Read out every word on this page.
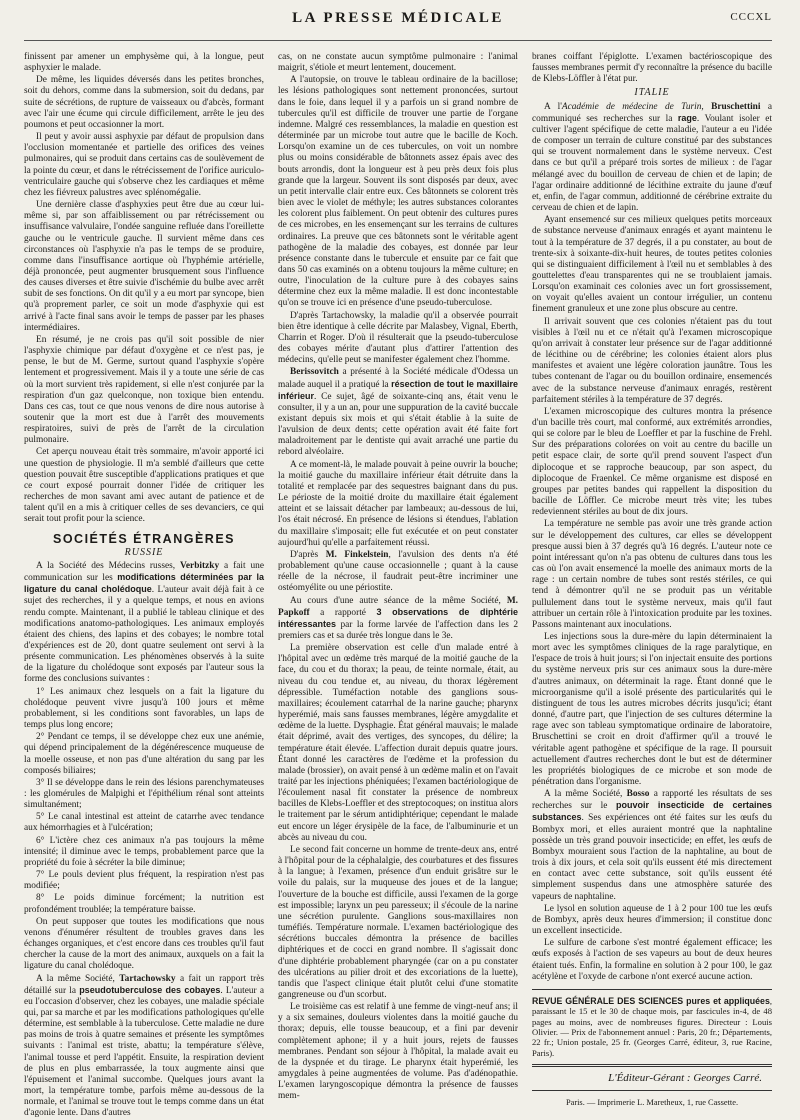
LA PRESSE MÉDICALE	CCCXL

finissent par amener un emphysème qui, à la longue, peut asphyxier le malade.

De même, les liquides déversés dans les petites bronches, soit du dehors, comme dans la submersion, soit du dedans, par suite de sécrétions, de rupture de vaisseaux ou d'abcès, formant avec l'air une écume qui circule difficilement, arrête le jeu des poumons et peut occasionner la mort.

Il peut y avoir aussi asphyxie par défaut de propulsion dans l'occlusion momentanée et partielle des orifices des veines pulmonaires, qui se produit dans certains cas de soulèvement de la pointe du cœur, et dans le rétrécissement de l'orifice auriculo-ventriculaire gauche qui s'observe chez les cardiaques et même chez les fiévreux palustres avec splénomégalie.

Une dernière classe d'asphyxies peut être due au cœur lui-même si, par son affaiblissement ou par rétrécissement ou insuffisance valvulaire, l'ondée sanguine refluée dans l'oreillette gauche ou le ventricule gauche. Il survient même dans ces circonstances où l'asphyxie n'a pas le temps de se produire, comme dans l'insuffisance aortique où l'hyphémie artérielle, déjà prononcée, peut augmenter brusquement sous l'influence des causes diverses et être suivie d'ischémie du bulbe avec arrêt subit de ses fonctions. On dit qu'il y a eu mort par syncope, bien qu'à proprement parler, ce soit un mode d'asphyxie qui est arrivé à l'acte final sans avoir le temps de passer par les phases intermédiaires.

En résumé, je ne crois pas qu'il soit possible de nier l'asphyxie chimique par défaut d'oxygène et ce n'est pas, je pense, le but de M. Germe, surtout quand l'asphyxie s'opère lentement et progressivement. Mais il y a toute une série de cas où la mort survient très rapidement, si elle n'est conjurée par la respiration d'un gaz quelconque, non toxique bien entendu. Dans ces cas, tout ce que nous venons de dire nous autorise à soutenir que la mort est due à l'arrêt des mouvements respiratoires, suivi de près de l'arrêt de la circulation pulmonaire.

Cet aperçu nouveau était très sommaire, m'avoir apporté ici une question de physiologie. Il m'a semblé d'ailleurs que cette question pouvait être susceptible d'applications pratiques et que ce court exposé pourrait donner l'idée de critiquer les recherches de mon savant ami avec autant de patience et de talent qu'il en a mis à critiquer celles de ses devanciers, ce qui serait tout profit pour la science.

SOCIÉTÉS ÉTRANGÈRES
RUSSIE

A la Société des Médecins russes, Verbitzky a fait une communication sur les modifications déterminées par la ligature du canal cholédoque. L'auteur avait déjà fait à ce sujet des recherches, il y a quelque temps, et nous en avions rendu compte. Maintenant, il a publié le tableau clinique et des modifications anatomo-pathologiques. Les animaux employés étaient des chiens, des lapins et des cobayes; le nombre total d'expériences est de 20, dont quatre seulement ont servi à la présente communication. Les phénomènes observés à la suite de la ligature du cholédoque sont exposés par l'auteur sous la forme des conclusions suivantes :

1° Les animaux chez lesquels on a fait la ligature du cholédoque peuvent vivre jusqu'à 100 jours et même probablement, si les conditions sont favorables, un laps de temps plus long encore;

2° Pendant ce temps, il se développe chez eux une anémie, qui dépend principalement de la dégénérescence muqueuse de la moelle osseuse, et non pas d'une altération du sang par les composés biliaires;

3° Il se développe dans le rein des lésions parenchymateuses : les glomérules de Malpighi et l'épithélium rénal sont atteints simultanément;

5° Le canal intestinal est atteint de catarrhe avec tendance aux hémorrhagies et à l'ulcération;

6° L'ictère chez ces animaux n'a pas toujours la même intensité; il diminue avec le temps, probablement parce que la propriété du foie à sécréter la bile diminue;

7° Le pouls devient plus fréquent, la respiration n'est pas modifiée;

8° Le poids diminue forcément; la nutrition est profondément troublée; la température baisse.

On peut supposer que toutes les modifications que nous venons d'énumérer résultent de troubles graves dans les échanges organiques, et c'est encore dans ces troubles qu'il faut chercher la cause de la mort des animaux, auxquels on a fait la ligature du canal cholédoque.

A la même Société, Tartachowsky a fait un rapport très détaillé sur la pseudotuberculose des cobayes. L'auteur a eu l'occasion d'observer, chez les cobayes, une maladie spéciale qui, par sa marche et par les modifications pathologiques qu'elle détermine, est semblable à la tuberculose. Cette maladie ne dure pas moins de trois à quatre semaines et présente les symptômes suivants : l'animal est triste, abattu; la température s'élève, l'animal tousse et perd l'appétit. Ensuite, la respiration devient de plus en plus embarrassée, la toux augmente ainsi que l'épuisement et l'animal succombe. Quelques jours avant la mort, la température tombe, parfois même au-dessous de la normale, et l'animal se trouve tout le temps comme dans un état d'agonie lente. Dans d'autres

cas, on ne constate aucun symptôme pulmonaire : l'animal maigrit, s'étiole et meurt lentement, doucement.

A l'autopsie, on trouve le tableau ordinaire de la bacillose; les lésions pathologiques sont nettement prononcées, surtout dans le foie, dans lequel il y a parfois un si grand nombre de tubercules qu'il est difficile de trouver une partie de l'organe indemne. Malgré ces ressemblances, la maladie en question est déterminée par un microbe tout autre que le bacille de Koch. Lorsqu'on examine un de ces tubercules, on voit un nombre plus ou moins considérable de bâtonnets assez épais avec des bouts arrondis, dont la longueur est à peu près deux fois plus grande que la largeur. Souvent ils sont disposés par deux, avec un petit intervalle clair entre eux. Ces bâtonnets se colorent très bien avec le violet de méthyle; les autres substances colorantes les colorent plus faiblement. On peut obtenir des cultures pures de ces microbes, en les ensemençant sur les terrains de cultures ordinaires. La preuve que ces bâtonnets sont le véritable agent pathogène de la maladie des cobayes, est donnée par leur présence constante dans le tubercule et ensuite par ce fait que dans 50 cas examinés on a obtenu toujours la même culture; en outre, l'inoculation de la culture pure à des cobayes sains détermine chez eux la même maladie. Il est donc incontestable qu'on se trouve ici en présence d'une pseudo-tuberculose.

D'après Tartachowsky, la maladie qu'il a observée pourrait bien être identique à celle décrite par Malasbey, Vignal, Eberth, Charrin et Roger. D'où il résulterait que la pseudo-tuberculose des cobayes mérite d'autant plus d'attirer l'attention des médecins, qu'elle peut se manifester également chez l'homme.

Berissovitch a présenté à la Société médicale d'Odessa un malade auquel il a pratiqué la résection de tout le maxillaire inférieur. Ce sujet, âgé de soixante-cinq ans, était venu le consulter, il y a un an, pour une suppuration de la cavité buccale existant depuis six mois et qui s'était établie à la suite de l'avulsion de deux dents; cette opération avait été faite fort maladroitement par le dentiste qui avait arraché une partie du rebord alvéolaire.

A ce moment-là, le malade pouvait à peine ouvrir la bouche; la moitié gauche du maxillaire inférieur était détruite dans la totalité et remplacée par des sequestres baignant dans du pus. Le périoste de la moitié droite du maxillaire était également atteint et se laissait détacher par lambeaux; au-dessous de lui, l'os était nécrosé. En présence de lésions si étendues, l'ablation du maxillaire s'imposait; elle fut exécutée et on peut constater aujourd'hui qu'elle a parfaitement réussi.

D'après M. Finkelstein, l'avulsion des dents n'a été probablement qu'une cause occasionnelle ; quant à la cause réelle de la nécrose, il faudrait peut-être incriminer une ostéomyélite ou une périostite.

Au cours d'une autre séance de la même Société, M. Papkoff a rapporté 3 observations de diphtérie intéressantes par la forme larvée de l'affection dans les 2 premiers cas et sa durée très longue dans le 3e.

La première observation est celle d'un malade entré à l'hôpital avec un œdème très marqué de la moitié gauche de la face, du cou et du thorax; la peau, de teinte normale, était, au niveau du cou tendue et, au niveau, du thorax légèrement dépressible. Tuméfaction notable des ganglions sous-maxillaires; écoulement catarrhal de la narine gauche; pharynx hyperémié, mais sans fausses membranes, légère amygdalite et œdème de la luette. Dysphagie. État général mauvais; le malade était déprimé, avait des vertiges, des syncopes, du délire; la température était élevée. L'affection durait depuis quatre jours. Étant donné les caractères de l'œdème et la profession du malade (brossier), on avait pensé à un œdème malin et on l'avait traité par les injections phéniquées; l'examen bactériologique de l'écoulement nasal fit constater la présence de nombreux bacilles de Klebs-Loeffler et des streptocoques; on institua alors le traitement par le sérum antidiphtérique; cependant le malade eut encore un léger érysipèle de la face, de l'albuminurie et un abcès au niveau du cou.

Le second fait concerne un homme de trente-deux ans, entré à l'hôpital pour de la céphalalgie, des courbatures et des fissures à la langue; à l'examen, présence d'un enduit grisâtre sur le voile du palais, sur la muqueuse des joues et de la langue; l'ouverture de la bouche est difficile, aussi l'examen de la gorge est impossible; larynx un peu paresseux; il s'écoule de la narine une sécrétion purulente. Ganglions sous-maxillaires non tuméfiés. Température normale. L'examen bactériologique des sécrétions buccales démontra la présence de bacilles diphtériques et de cocci en grand nombre. Il s'agissait donc d'une diphtérie probablement pharyngée (car on a pu constater des ulcérations au pilier droit et des excoriations de la luette), tandis que l'aspect clinique était plutôt celui d'une stomatite gangreneuse ou d'un scorbut.

Le troisième cas est relatif à une femme de vingt-neuf ans; il y a six semaines, douleurs violentes dans la moitié gauche du thorax; depuis, elle tousse beaucoup, et a fini par devenir complètement aphone; il y a huit jours, rejets de fausses membranes. Pendant son séjour à l'hôpital, la malade avait eu de la dyspnée et du tirage. Le pharynx était hyperémié, les amygdales à peine augmentées de volume. Pas d'adénopathie. L'examen laryngoscopique démontra la présence de fausses mem-

branes coiffant l'épiglotte. L'examen bactérioscopique des fausses membranes permit d'y reconnaître la présence du bacille de Klebs-Löffler à l'état pur.

ITALIE

A l'Académie de médecine de Turin, Bruschettini a communiqué ses recherches sur la rage. Voulant isoler et cultiver l'agent spécifique de cette maladie, l'auteur a eu l'idée de composer un terrain de culture constitué par des substances qui se trouvent normalement dans le système nerveux. C'est dans ce but qu'il a préparé trois sortes de milieux : de l'agar mélangé avec du bouillon de cerveau de chien et de lapin; de l'agar ordinaire additionné de lécithine extraite du jaune d'œuf et, enfin, de l'agar commun, additionné de cérébrine extraite du cerveau de chien et de lapin.

Ayant ensemencé sur ces milieux quelques petits morceaux de substance nerveuse d'animaux enragés et ayant maintenu le tout à la température de 37 degrés, il a pu constater, au bout de trente-six à soixante-dix-huit heures, de toutes petites colonies qui se distinguaient difficilement à l'œil nu et semblables à des gouttelettes d'eau transparentes qui ne se troublaient jamais. Lorsqu'on examinait ces colonies avec un fort grossissement, on voyait qu'elles avaient un contour irrégulier, un contenu finement granuleux et une zone plus obscure au centre.

Il arrivait souvent que ces colonies n'étaient pas du tout visibles à l'œil nu et ce n'était qu'à l'examen microscopique qu'on arrivait à constater leur présence sur de l'agar additionné de lécithine ou de cérébrine; les colonies étaient alors plus manifestes et avaient une légère coloration jaunâtre. Tous les tubes contenant de l'agar ou du bouillon ordinaire, ensemencés avec de la substance nerveuse d'animaux enragés, restèrent parfaitement stériles à la température de 37 degrés.

L'examen microscopique des cultures montra la présence d'un bacille très court, mal conformé, aux extrémités arrondies, qui se colore par le bleu de Loeffler et par la fuschine de Frehl. Sur des préparations colorées on voit au centre du bacille un petit espace clair, de sorte qu'il prend souvent l'aspect d'un diplocoque et se rapproche beaucoup, par son aspect, du diplocoque de Fraenkel. Ce même organisme est disposé en groupes par petites bandes qui rappellent la disposition du bacille de Löffler. Ce microbe meurt très vite; les tubes redeviennent stériles au bout de dix jours.

La température ne semble pas avoir une très grande action sur le développement des cultures, car elles se développent presque aussi bien à 37 degrés qu'à 16 degrés. L'auteur note ce point intéressant qu'on n'a pas obtenu de cultures dans tous les cas où l'on avait ensemencé la moelle des animaux morts de la rage : un certain nombre de tubes sont restés stériles, ce qui tend à démontrer qu'il ne se produit pas un véritable pullulement dans tout le système nerveux, mais qu'il faut attribuer un certain rôle à l'intoxication produite par les toxines. Passons maintenant aux inoculations.

Les injections sous la dure-mère du lapin déterminaient la mort avec les symptômes cliniques de la rage paralytique, en l'espace de trois à huit jours; si l'on injectait ensuite des portions du système nerveux pris sur ces animaux sous la dure-mère d'autres animaux, on déterminait la rage. Étant donné que le microorganisme qu'il a isolé présente des particularités qui le distinguent de tous les autres microbes décrits jusqu'ici; étant donné, d'autre part, que l'injection de ses cultures détermine la rage avec son tableau symptomatique ordinaire de laboratoire, Bruschettini se croit en droit d'affirmer qu'il a trouvé le véritable agent pathogène et spécifique de la rage. Il poursuit actuellement d'autres recherches dont le but est de déterminer les propriétés biologiques de ce microbe et son mode de pénétration dans l'organisme.

A la même Société, Bosso a rapporté les résultats de ses recherches sur le pouvoir insecticide de certaines substances. Ses expériences ont été faites sur les œufs du Bombyx mori, et elles auraient montré que la naphtaline possède un très grand pouvoir insecticide; en effet, les œufs de Bombyx mouraient sous l'action de la naphtaline, au bout de trois à dix jours, et cela soit qu'ils eussent été mis directement en contact avec cette substance, soit qu'ils eussent été simplement suspendus dans une atmosphère saturée des vapeurs de naphtaline.

Le lysol en solution aqueuse de 1 à 2 pour 100 tue les œufs de Bombyx, après deux heures d'immersion; il constitue donc un excellent insecticide.

Le sulfure de carbone s'est montré également efficace; les œufs exposés à l'action de ses vapeurs au bout de deux heures étaient tués. Enfin, la formaline en solution à 2 pour 100, le gaz acétylène et l'oxyde de carbone n'ont exercé aucune action.

REVUE GÉNÉRALE DES SCIENCES pures et appliquées, paraissant le 15 et le 30 de chaque mois, par fascicules in-4, de 48 pages au moins, avec de nombreuses figures. Directeur : Louis Olivier. — Prix de l'abonnement annuel : Paris, 20 fr.; Départements, 22 fr.; Union postale, 25 fr. (Georges Carré, éditeur, 3, rue Racine, Paris).
L'Éditeur-Gérant : Georges Carré.
Paris. — Imprimerie L. Maretheux, 1, rue Cassette.
